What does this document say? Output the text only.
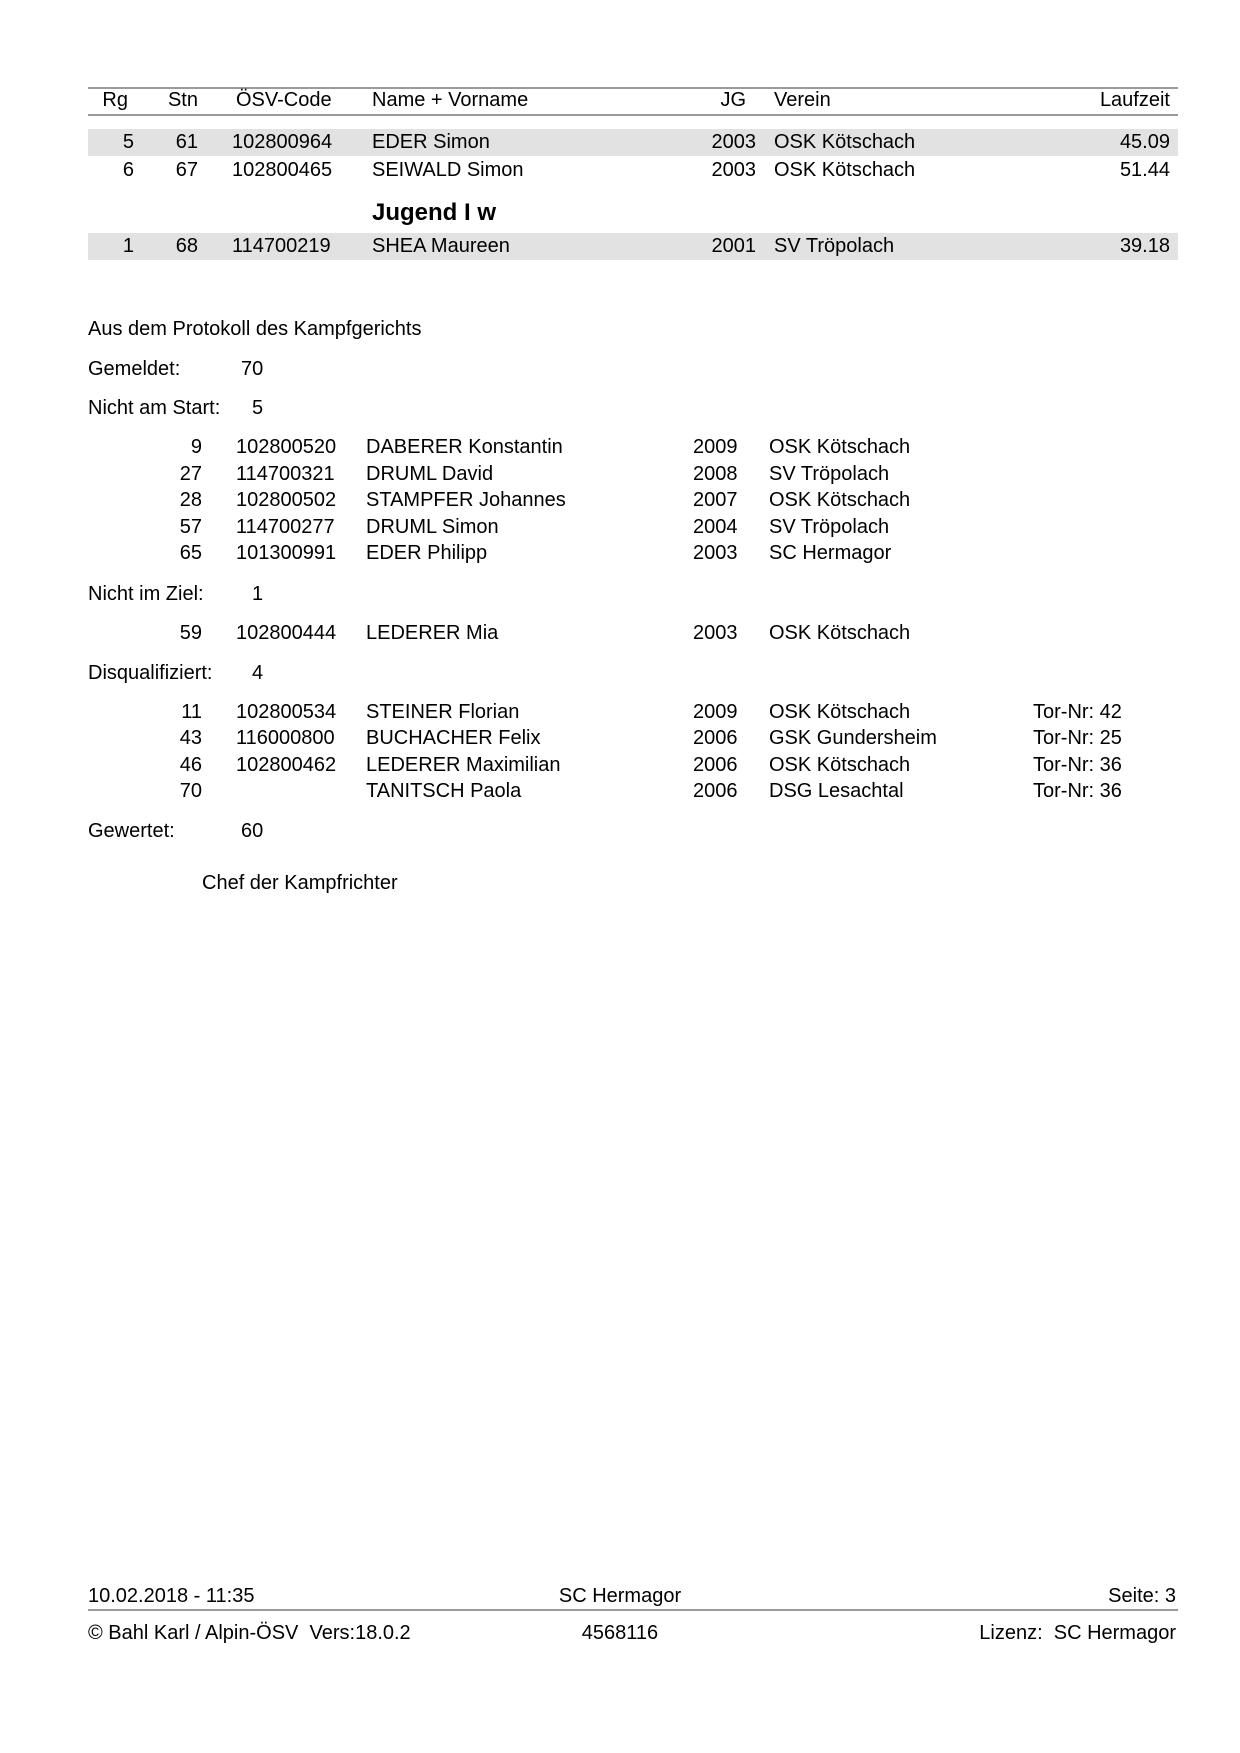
Rg	Stn ÖSV-Code Name + Vorname	JG Verein	Laufzeit
5	61 102800964 EDER Simon	2003 OSK Kötschach	45.09
6	67 102800465 SEIWALD Simon	2003 OSK Kötschach	51.44
Jugend I w
1	68 114700219 SHEA Maureen	2001 SV Tröpolach	39.18
Aus dem Protokoll des Kampfgerichts
Gemeldet:	70
Nicht am Start: 5
9 102800520 DABERER Konstantin	2009 OSK Kötschach
27 114700321 DRUML David	2008 SV Tröpolach
28 102800502 STAMPFER Johannes	2007 OSK Kötschach
57 114700277 DRUML Simon	2004 SV Tröpolach
65 101300991 EDER Philipp	2003 SC Hermagor
Nicht im Ziel: 1
59 102800444 LEDERER Mia	2003 OSK Kötschach
Disqualifiziert: 4
11 102800534 STEINER Florian	2009 OSK Kötschach	Tor-Nr: 42
43 116000800 BUCHACHER Felix	2006 GSK Gundersheim	Tor-Nr: 25
46 102800462 LEDERER Maximilian	2006 OSK Kötschach	Tor-Nr: 36
70	TANITSCH Paola	2006 DSG Lesachtal	Tor-Nr: 36
Gewertet:	60
Chef der Kampfrichter
10.02.2018 - 11:35	SC Hermagor	Seite: 3
© Bahl Karl / Alpin-ÖSV  Vers:18.0.2	4568116	Lizenz:  SC Hermagor
